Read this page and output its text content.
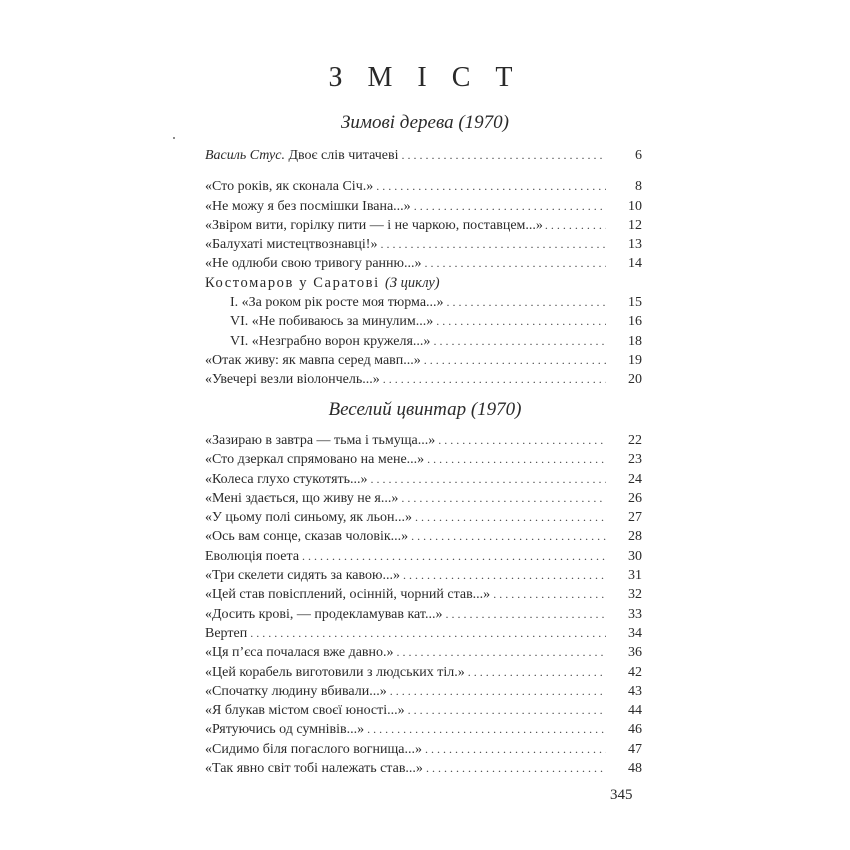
З М І С Т
Зимові дерева (1970)
Василь Стус. Двоє слів читачеві . . .	6
«Сто років, як сконала Січ.» . . .	8
«Не можу я без посмішки Івана...» . . .	10
«Звіром вити, горілку пити — і не чаркою, поставцем...» . . .	12
«Балухаті мистецтвознавці!» . . .	13
«Не одлюби свою тривогу ранню...» . . .	14
Костомаров у Саратові (З циклу)
I. «За роком рік росте моя тюрма...» . . .	15
VI. «Не побиваюсь за минулим...» . . .	16
VI. «Незграбно ворон кружеля...» . . .	18
«Отак живу: як мавпа серед мавп...» . . .	19
«Увечері везли віолончель...» . . .	20
Веселий цвинтар (1970)
«Зазираю в завтра — тьма і тьмуща...» . . .	22
«Сто дзеркал спрямовано на мене...» . . .	23
«Колеса глухо стукотять...» . . .	24
«Мені здається, що живу не я...» . . .	26
«У цьому полі синьому, як льон...» . . .	27
«Ось вам сонце, сказав чоловік...» . . .	28
Еволюція поета . . .	30
«Три скелети сидять за кавою...» . . .	31
«Цей став повісплений, осінній, чорний став...» . . .	32
«Досить крові, — продекламував кат...» . . .	33
Вертеп . . .	34
«Ця п’єса почалася вже давно.» . . .	36
«Цей корабель виготовили з людських тіл.» . . .	42
«Спочатку людину вбивали...» . . .	43
«Я блукав містом своєї юності...» . . .	44
«Рятуючись од сумнівів...» . . .	46
«Сидимо біля погаслого вогнища...» . . .	47
«Так явно світ тобі належать став...» . . .	48
345
